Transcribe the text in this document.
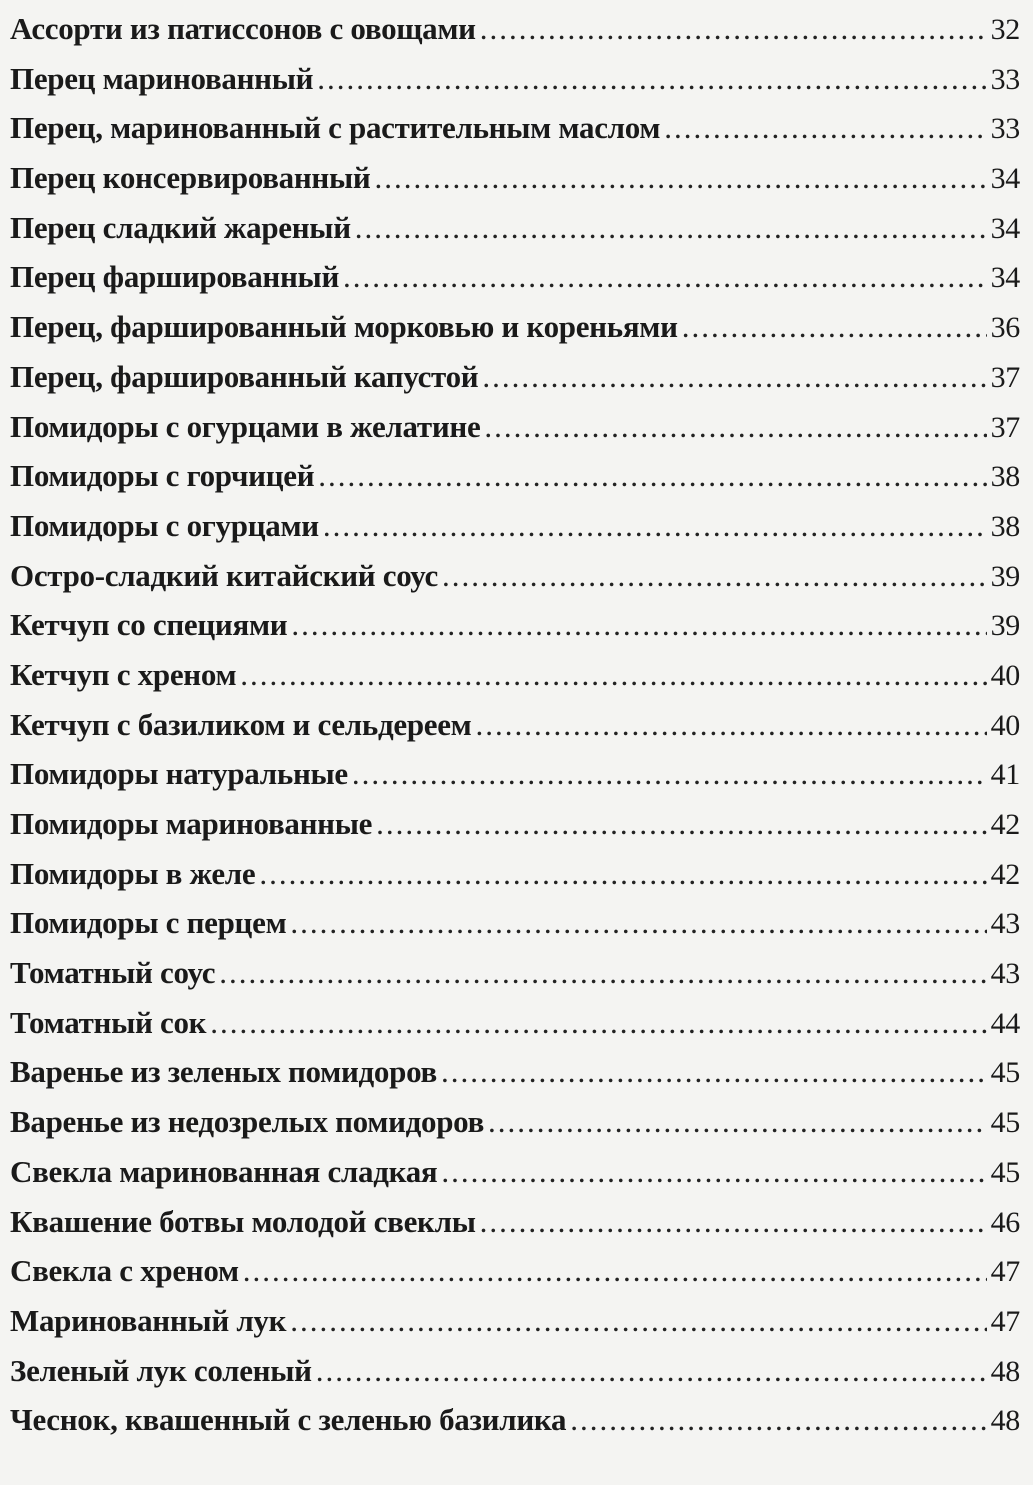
Ассорти из патиссонов с овощами .....	32
Перец маринованный .....	33
Перец, маринованный с растительным маслом .....	33
Перец консервированный .....	34
Перец сладкий жареный .....	34
Перец фаршированный .....	34
Перец, фаршированный морковью и кореньями .....	36
Перец, фаршированный капустой .....	37
Помидоры с огурцами в желатине .....	37
Помидоры с горчицей .....	38
Помидоры с огурцами .....	38
Остро-сладкий китайский соус .....	39
Кетчуп со специями .....	39
Кетчуп с хреном .....	40
Кетчуп с базиликом и сельдереем .....	40
Помидоры натуральные .....	41
Помидоры маринованные .....	42
Помидоры в желе .....	42
Помидоры с перцем .....	43
Томатный соус .....	43
Томатный сок .....	44
Варенье из зеленых помидоров .....	45
Варенье из недозрелых помидоров .....	45
Свекла маринованная сладкая .....	45
Квашение ботвы молодой свеклы .....	46
Свекла с хреном .....	47
Маринованный лук .....	47
Зеленый лук соленый .....	48
Чеснок, квашенный с зеленью базилика .....	48
